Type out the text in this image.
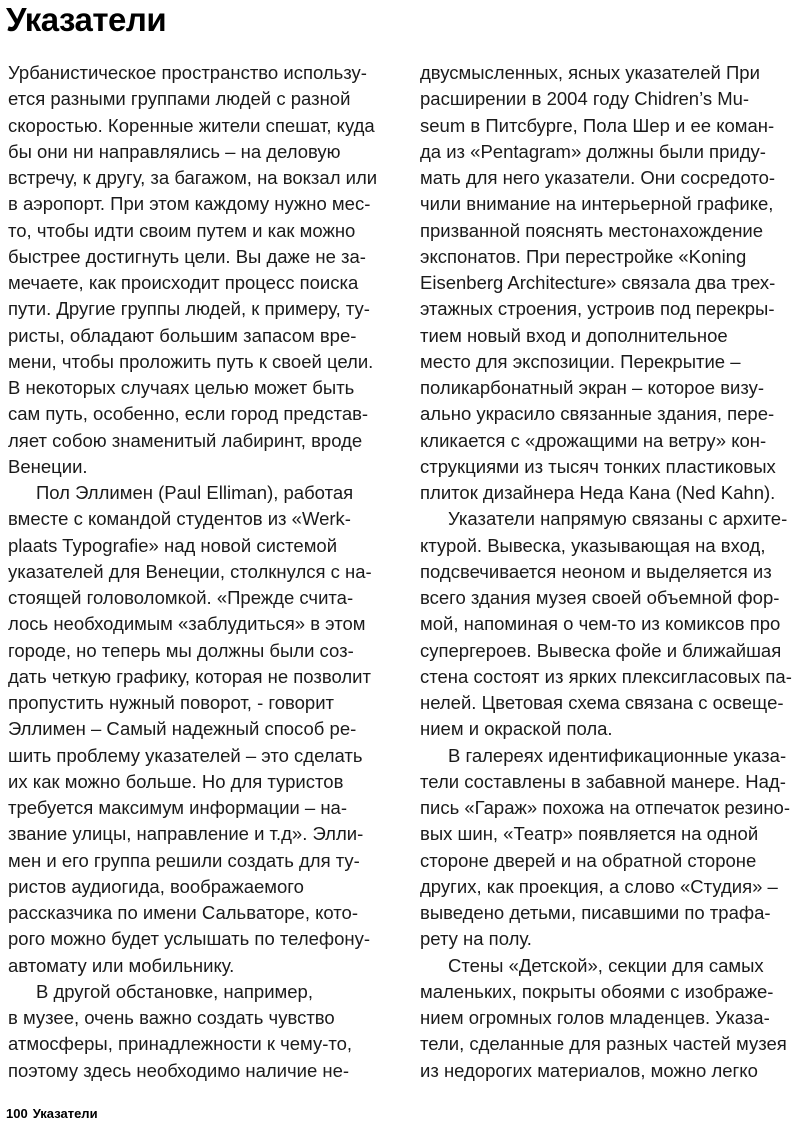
Указатели
Урбанистическое пространство использу-
ется разными группами людей с разной
скоростью. Коренные жители спешат, куда
бы они ни направлялись – на деловую
встречу, к другу, за багажом, на вокзал или
в аэропорт. При этом каждому нужно мес-
то, чтобы идти своим путем и как можно
быстрее достигнуть цели. Вы даже не за-
мечаете, как происходит процесс поиска
пути. Другие группы людей, к примеру, ту-
ристы, обладают большим запасом вре-
мени, чтобы проложить путь к своей цели.
В некоторых случаях целью может быть
сам путь, особенно, если город представ-
ляет собою знаменитый лабиринт, вроде
Венеции.
Пол Эллимен (Paul Elliman), работая
вместе с командой студентов из «Werk-
plaats Typografie» над новой системой
указателей для Венеции, столкнулся с на-
стоящей головоломкой. «Прежде счита-
лось необходимым «заблудиться» в этом
городе, но теперь мы должны были соз-
дать четкую графику, которая не позволит
пропустить нужный поворот, - говорит
Эллимен – Самый надежный способ ре-
шить проблему указателей – это сделать
их как можно больше. Но для туристов
требуется максимум информации – на-
звание улицы, направление и т.д». Элли-
мен и его группа решили создать для ту-
ристов аудиогида, воображаемого
рассказчика по имени Сальваторе, кото-
рого можно будет услышать по телефону-
автомату или мобильнику.
В другой обстановке, например,
в музее, очень важно создать чувство
атмосферы, принадлежности к чему-то,
поэтому здесь необходимо наличие не-
двусмысленных, ясных указателей При
расширении в 2004 году Chidren’s Mu-
seum в Питсбурге, Пола Шер и ее коман-
да из «Pentagram» должны были приду-
мать для него указатели. Они сосредото-
чили внимание на интерьерной графике,
призванной пояснять местонахождение
экспонатов. При перестройке «Koning
Eisenberg Architecture» связала два трех-
этажных строения, устроив под перекры-
тием новый вход и дополнительное
место для экспозиции. Перекрытие –
поликарбонатный экран – которое визу-
ально украсило связанные здания, пере-
кликается с «дрожащими на ветру» кон-
струкциями из тысяч тонких пластиковых
плиток дизайнера Неда Кана (Ned Kahn).
Указатели напрямую связаны с архите-
ктурой. Вывеска, указывающая на вход,
подсвечивается неоном и выделяется из
всего здания музея своей объемной фор-
мой, напоминая о чем-то из комиксов про
супергероев. Вывеска фойе и ближайшая
стена состоят из ярких плексигласовых па-
нелей. Цветовая схема связана с освеще-
нием и окраской пола.
В галереях идентификационные указа-
тели составлены в забавной манере. Над-
пись «Гараж» похожа на отпечаток резино-
вых шин, «Театр» появляется на одной
стороне дверей и на обратной стороне
других, как проекция, а слово «Студия» –
выведено детьми, писавшими по трафа-
рету на полу.
Стены «Детской», секции для самых
маленьких, покрыты обоями с изображе-
нием огромных голов младенцев. Указа-
тели, сделанные для разных частей музея
из недорогих материалов, можно легко
100 Указатели
